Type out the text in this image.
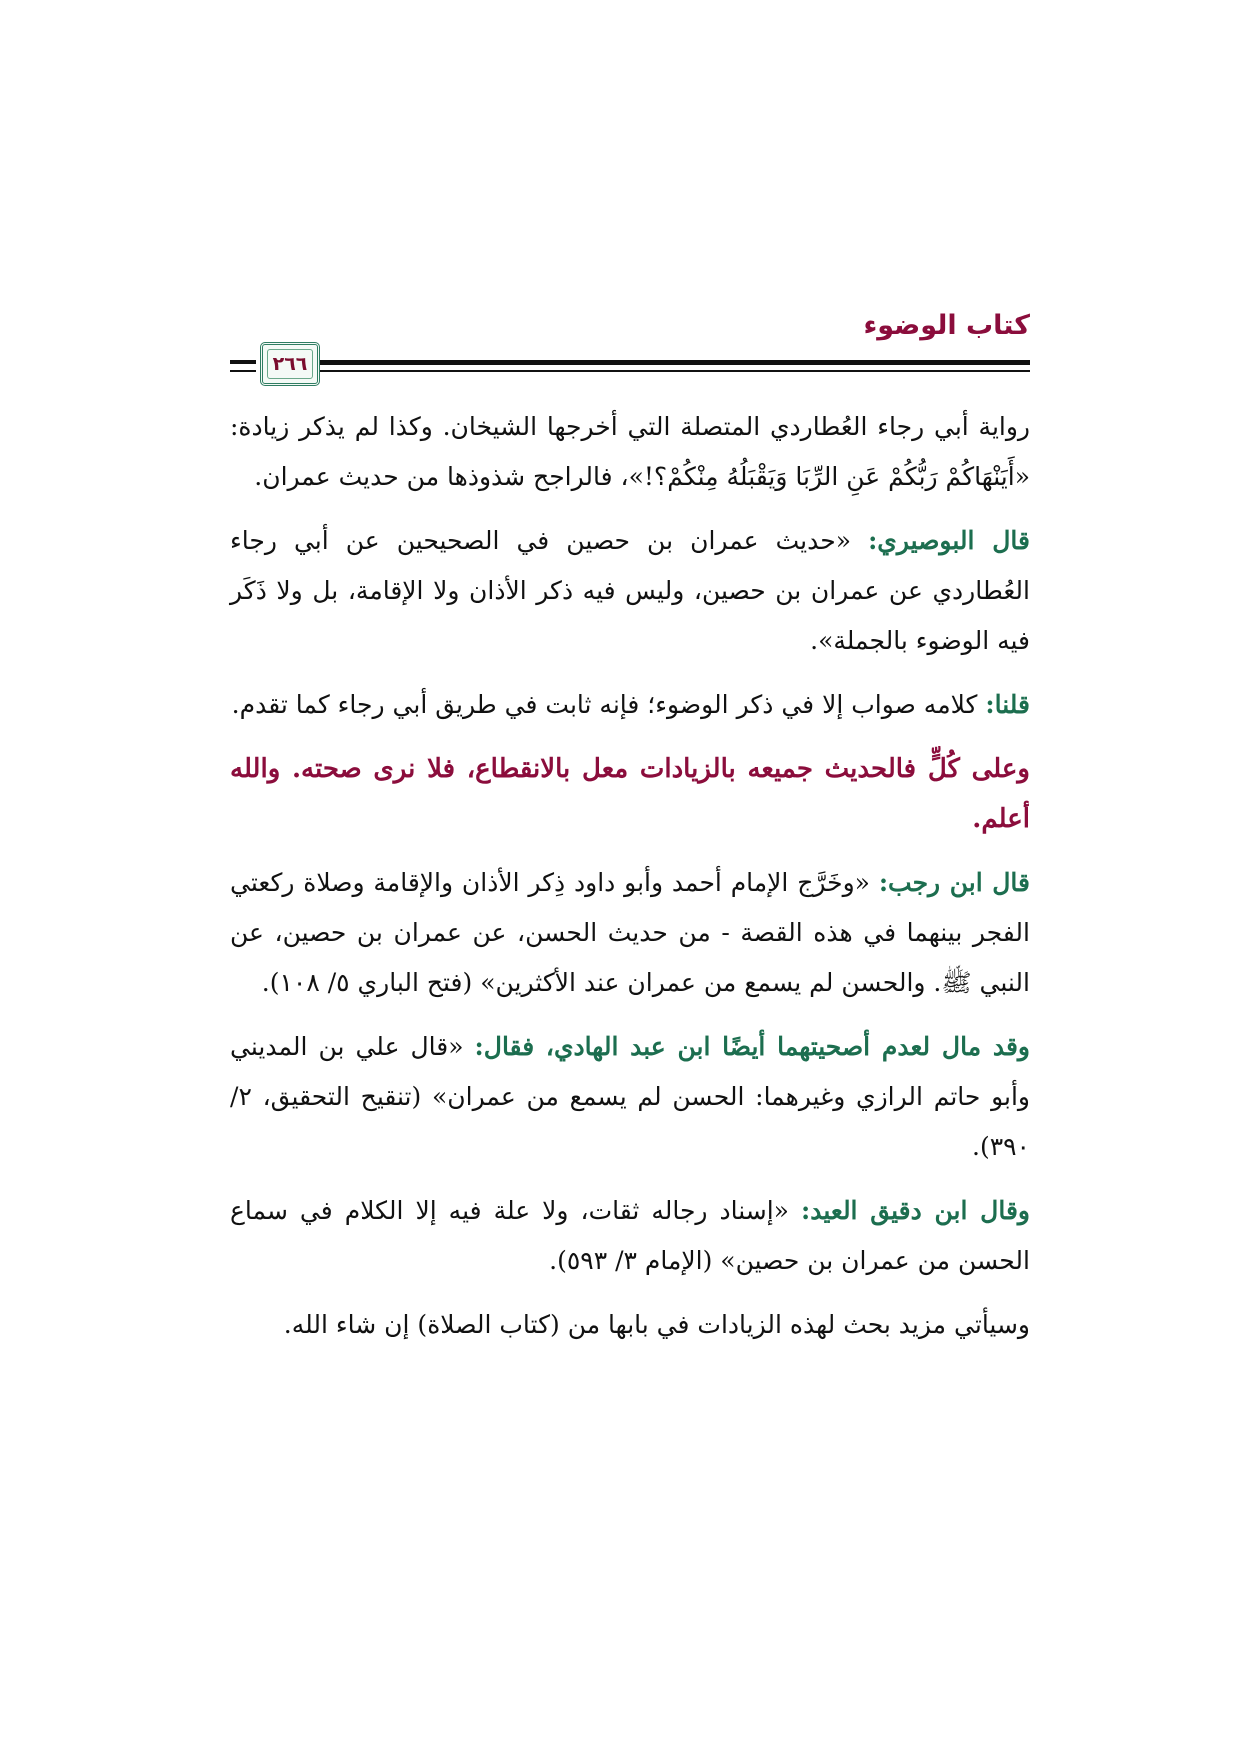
كتاب الوضوء
٢٦٦

رواية أبي رجاء العُطاردي المتصلة التي أخرجها الشيخان. وكذا لم يذكر زيادة: «أَيَنْهَاكُمْ رَبُّكُمْ عَنِ الرِّبَا وَيَقْبَلُهُ مِنْكُمْ؟!»، فالراجح شذوذها من حديث عمران.

قال البوصيري: «حديث عمران بن حصين في الصحيحين عن أبي رجاء العُطاردي عن عمران بن حصين، وليس فيه ذكر الأذان ولا الإقامة، بل ولا ذَكَر فيه الوضوء بالجملة».

قلنا: كلامه صواب إلا في ذكر الوضوء؛ فإنه ثابت في طريق أبي رجاء كما تقدم.

وعلى كُلٍّ فالحديث جميعه بالزيادات معل بالانقطاع، فلا نرى صحته. والله أعلم.

قال ابن رجب: «وخَرَّج الإمام أحمد وأبو داود ذِكر الأذان والإقامة وصلاة ركعتي الفجر بينهما في هذه القصة - من حديث الحسن، عن عمران بن حصين، عن النبي ﷺ. والحسن لم يسمع من عمران عند الأكثرين» (فتح الباري ٥/ ١٠٨).

وقد مال لعدم أصحيتهما أيضًا ابن عبد الهادي، فقال: «قال علي بن المديني وأبو حاتم الرازي وغيرهما: الحسن لم يسمع من عمران» (تنقيح التحقيق، ٢/ ٣٩٠).

وقال ابن دقيق العيد: «إسناد رجاله ثقات، ولا علة فيه إلا الكلام في سماع الحسن من عمران بن حصين» (الإمام ٣/ ٥٩٣).

وسيأتي مزيد بحث لهذه الزيادات في بابها من (كتاب الصلاة) إن شاء الله.
